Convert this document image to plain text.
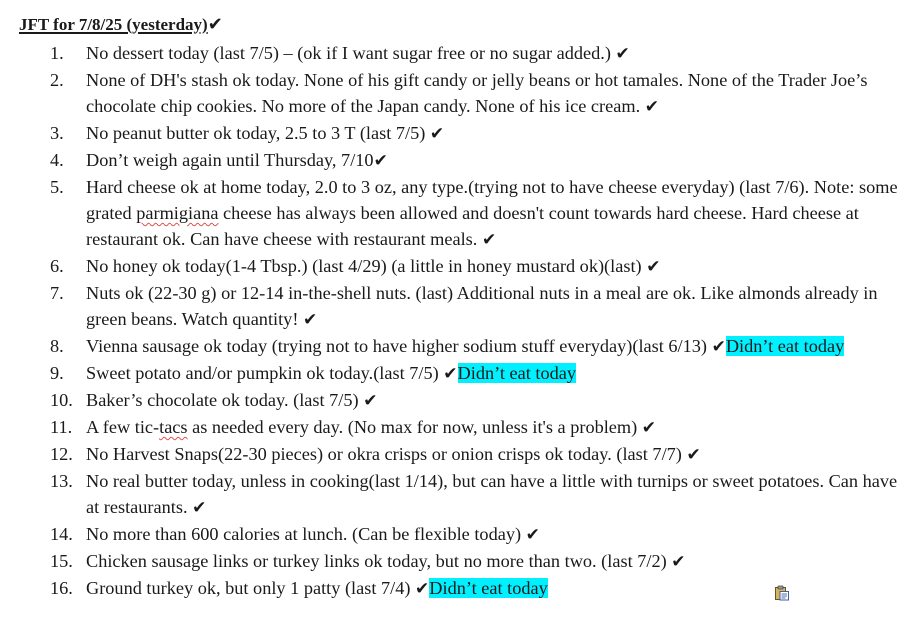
JFT for 7/8/25 (yesterday)✔
1.	No dessert today (last 7/5) – (ok if I want sugar free or no sugar added.) ✔
2.	None of DH's stash ok today. None of his gift candy or jelly beans or hot tamales. None of the Trader Joe’s chocolate chip cookies. No more of the Japan candy. None of his ice cream. ✔
3.	No peanut butter ok today, 2.5 to 3 T (last 7/5) ✔
4.	Don’t weigh again until Thursday, 7/10✔
5.	Hard cheese ok at home today, 2.0 to 3 oz, any type.(trying not to have cheese everyday) (last 7/6). Note: some grated parmigiana cheese has always been allowed and doesn't count towards hard cheese. Hard cheese at restaurant ok. Can have cheese with restaurant meals. ✔
6.	No honey ok today(1-4 Tbsp.) (last 4/29) (a little in honey mustard ok)(last) ✔
7.	Nuts ok (22-30 g) or 12-14 in-the-shell nuts. (last) Additional nuts in a meal are ok. Like almonds already in green beans. Watch quantity! ✔
8.	Vienna sausage ok today (trying not to have higher sodium stuff everyday)(last 6/13) ✔Didn’t eat today
9.	Sweet potato and/or pumpkin ok today.(last 7/5) ✔Didn’t eat today
10. Baker’s chocolate ok today. (last 7/5) ✔
11. A few tic-tacs as needed every day. (No max for now, unless it's a problem) ✔
12. No Harvest Snaps(22-30 pieces) or okra crisps or onion crisps ok today. (last 7/7) ✔
13. No real butter today, unless in cooking(last 1/14), but can have a little with turnips or sweet potatoes. Can have at restaurants. ✔
14. No more than 600 calories at lunch. (Can be flexible today) ✔
15. Chicken sausage links or turkey links ok today, but no more than two. (last 7/2) ✔
16. Ground turkey ok, but only 1 patty (last 7/4) ✔Didn’t eat today
